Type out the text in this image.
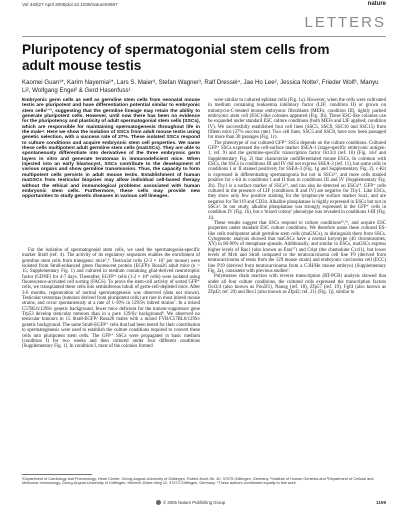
Vol 440|27 April 2006|doi:10.1038/nature04697	nature
LETTERS
Pluripotency of spermatogonial stem cells from adult mouse testis

Kaomei Guan¹*, Karim Nayernia²*, Lars S. Maier³, Stefan Wagner³, Ralf Dressel⁴, Jae Ho Lee², Jessica Nolte², Frieder Wolf¹, Manyu Li², Wolfgang Engel² & Gerd Hasenfuss¹

Embryonic germ cells as well as germline stem cells from neonatal mouse testis are pluripotent and have differentiation potential similar to embryonic stem cells¹⁻³, suggesting that the germline lineage may retain the ability to generate pluripotent cells. However, until now there has been no evidence for the pluripotency and plasticity of adult spermatogonial stem cells (SSCs), which are responsible for maintaining spermatogenesis throughout life in the male⁴. Here we show the isolation of SSCs from adult mouse testis using genetic selection, with a success rate of 27%. These isolated SSCs respond to culture conditions and acquire embryonic stem cell properties. We name these cells multipotent adult germline stem cells (maGSCs). They are able to spontaneously differentiate into derivatives of the three embryonic germ layers in vitro and generate teratomas in immunodeficient mice. When injected into an early blastocyst, SSCs contribute to the development of various organs and show germline transmission. Thus, the capacity to form multipotent cells persists in adult mouse testis. Establishment of human maGSCs from testicular biopsies may allow individual cell-based therapy without the ethical and immunological problems associated with human embryonic stem cells. Furthermore, these cells may provide new opportunities to study genetic diseases in various cell lineages.

For the isolation of spermatogonial stem cells, we used the spermatogonia-specific marker Stra8 (ref. 4). The activity of its regulatory sequences enables the enrichment of germline stem cells from transgenic mice⁵,⁶. Testicular cells (2-3 × 10⁷ per mouse) were isolated from Stra8-enhanced green fluorescent protein (EGFP)/ Rosa26 adult mice (n = 15; Supplementary Fig. 1) and cultured in medium containing glial-derived neurotrophic factor (GDNF) for 4-7 days. Thereafter, EGFP⁺ cells (1-2 × 10⁴ cells) were isolated using fluorescence-activated cell sorting (FACS). To prove the stem-cell activity of sorted GFP⁺ cells, we transplanted these cells into seminiferous tubuli of germ-cell-depleted mice. After 3-6 months, regeneration of normal spermatogenesis was observed (data not shown). Testicular teratomas (tumours derived from pluripotent cells) are rare in most inbred mouse strains, and occur spontaneously at a rate of 1-10% in 129/Sv inbred strains⁷. In a mixed C57BL6/129Sv genetic background, fewer mice deficient for the tumour-suppressor gene Trp53 develop testicular tumours than in a pure 129/Sv background⁸. We observed no testicular tumours in 15 Stra8-EGFP/ Rosa26 males with a mixed FVB/C57BL6/129Sv genetic background. The same Stra8-EGFP⁺ cells that had been tested for their contribution to spermatogenesis were used to establish the culture conditions required to convert these cells into pluripotent stem cells. The GFP⁺ SSCs were propagated in basic medium (condition I) for two weeks and then cultured under four different conditions (Supplementary Fig. 1). In condition I, most of the colonies formed

were similar to cultured epiblast cells (Fig. 1a). However, when the cells were cultivated in medium containing leukaemia inhibitory factor (LIF; condition II) or grown on mitomycin-C-treated mouse embryonic fibroblasts (MEFs; condition III), tightly packed embryonic stem cell (ESC)-like colonies appeared (Fig. 1b). These ESC-like colonies can be expanded under standard ESC culture conditions (both MEFs and LIF applied; condition IV). We successfully established four cell lines (SSC5, SSC8, SSC10 and SSC15) from fifteen mice (27% success rate). Two cell lines, SSC5 and SSC8, have now been passaged for more than 30 passages (Fig. 1c).

The phenotype of our cultured GFP⁺ SSCs depends on the culture conditions. Cultured GFP⁺ SSCs expressed the cell-surface marker SSEA-1 (stage-specific embryonic antigen-1, ref. 9) and the germline-specific transcription factor Oct3/4 (ref. 10) (Fig. 1d-f and Supplementary Fig. 2) that characterize undifferentiated mouse ESCs. In common with ESCs, the SSCs in conditions III and IV did not express SSEA-3 (ref. 11), but some cells in conditions I or II stained positively for SSEA-3 (Fig. 1g and Supplementary Fig. 2). c-Kit is expressed in differentiating spermatogonia but not in SSCs¹², and more cells stained positive for c-kit in conditions I and II than in conditions III and IV (Supplementary Fig. 2b). Thy1 is a surface marker of SSCs¹³, and can also be detected on ESCs¹⁴. GFP⁺ cells cultured in the presence of LIF (conditions II and IV) are negative for Thy1. Like ESCs, they show only few positive staining for the lymphocyte surface marker Sca1, and are negative for Ter119 and CD34. Alkaline phosphatase is highly expressed in ESCs but not in SSCs¹. In our study, alkaline phosphatase was strongly expressed in the GFP⁺ cells in condition IV (Fig. 1h), but a 'mixed colony' phenotype was revealed in conditions I-III (Fig. 1i).

These results suggest that SSCs respond to culture conditions¹⁵,¹⁶, and acquire ESC properties under standard ESC culture conditions. We therefore name these cultured ES-like cells multipotent adult germline stem cells (maGSCs), to distinguish them from SSCs. Cytogenetic analysis showed that maGSCs have a normal karyotype (40 chromosomes, XY) in 80-90% of metaphase spreads. Additionally, and similar to ESCs, maGSCs express higher levels of Ras1 (also known as Eras¹⁷) and Cript (the chemokine Cxcl1), but lower levels of Mvh and Stra8 compared to the teratocarcinoma cell line F9 (derived from teratocarcinoma of testis from the 129 mouse strain) and embryonic carcinoma cell (ECC) line P19 (derived from teratocarcinoma from a C3H/He mouse embryo) (Supplementary Fig. 3a), consistent with previous studies¹.

Polymerase chain reaction with reverse transcription (RT-PCR) analysis showed that under all four culture conditions, the cultured cells expressed the transcription factors Oct3/4 (also known as Pou5f1), Nanog (ref. 18), Zfp57 (ref. 19), Fgf4 (also known as Zfp42; ref. 20) and Rex1 (also known as Zfp42; ref. 21) (Fig. 1j), similar to

¹Department of Cardiology and Pneumology, Heart Center, Georg-August-University of Göttingen, Robert-Koch-Str. 40, 37075 Göttingen, Germany. ²Institute of Human Genetics and ³Department of Cellular and Molecular Immunology, Georg-August-University of Göttingen, Heinrich-Düker-Weg 12, 37073 Göttingen, Germany. *These authors contributed equally to this work.

© 2006 Nature Publishing Group	1199
